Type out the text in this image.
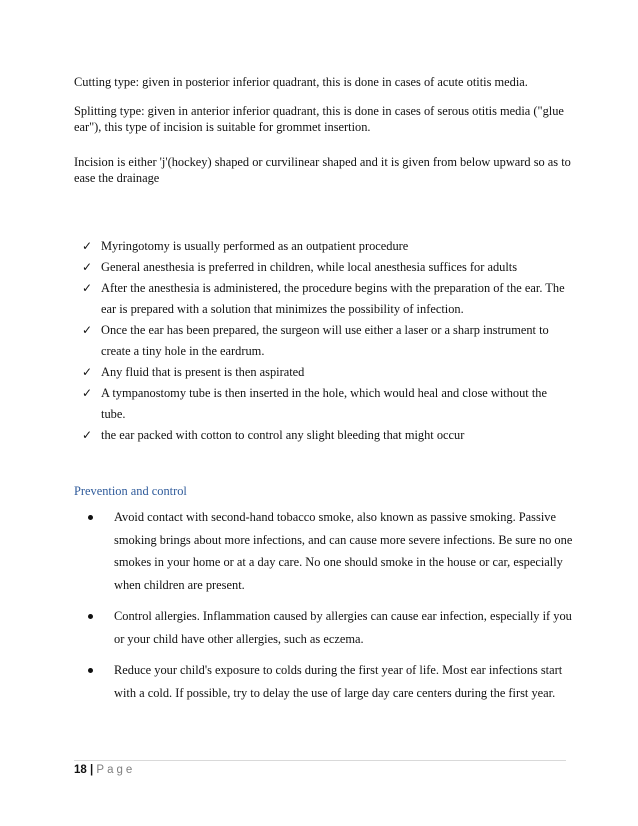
Cutting type: given in posterior inferior quadrant, this is done in cases of acute otitis media.

Splitting type: given in anterior inferior quadrant, this is done in cases of serous otitis media ("glue ear"), this type of incision is suitable for grommet insertion.

Incision is either 'j'(hockey) shaped or curvilinear shaped and it is given from below upward so as to ease the drainage

✓ Myringotomy is usually performed as an outpatient procedure
✓ General anesthesia is preferred in children, while local anesthesia suffices for adults
✓ After the anesthesia is administered, the procedure begins with the preparation of the ear. The ear is prepared with a solution that minimizes the possibility of infection.
✓ Once the ear has been prepared, the surgeon will use either a laser or a sharp instrument to create a tiny hole in the eardrum.
✓ Any fluid that is present is then aspirated
✓ A tympanostomy tube is then inserted in the hole, which would heal and close without the tube.
✓ the ear packed with cotton to control any slight bleeding that might occur
Prevention and control
Avoid contact with second-hand tobacco smoke, also known as passive smoking. Passive smoking brings about more infections, and can cause more severe infections. Be sure no one smokes in your home or at a day care. No one should smoke in the house or car, especially when children are present.
Control allergies. Inflammation caused by allergies can cause ear infection, especially if you or your child have other allergies, such as eczema.
Reduce your child's exposure to colds during the first year of life. Most ear infections start with a cold. If possible, try to delay the use of large day care centers during the first year.
18 | Page
